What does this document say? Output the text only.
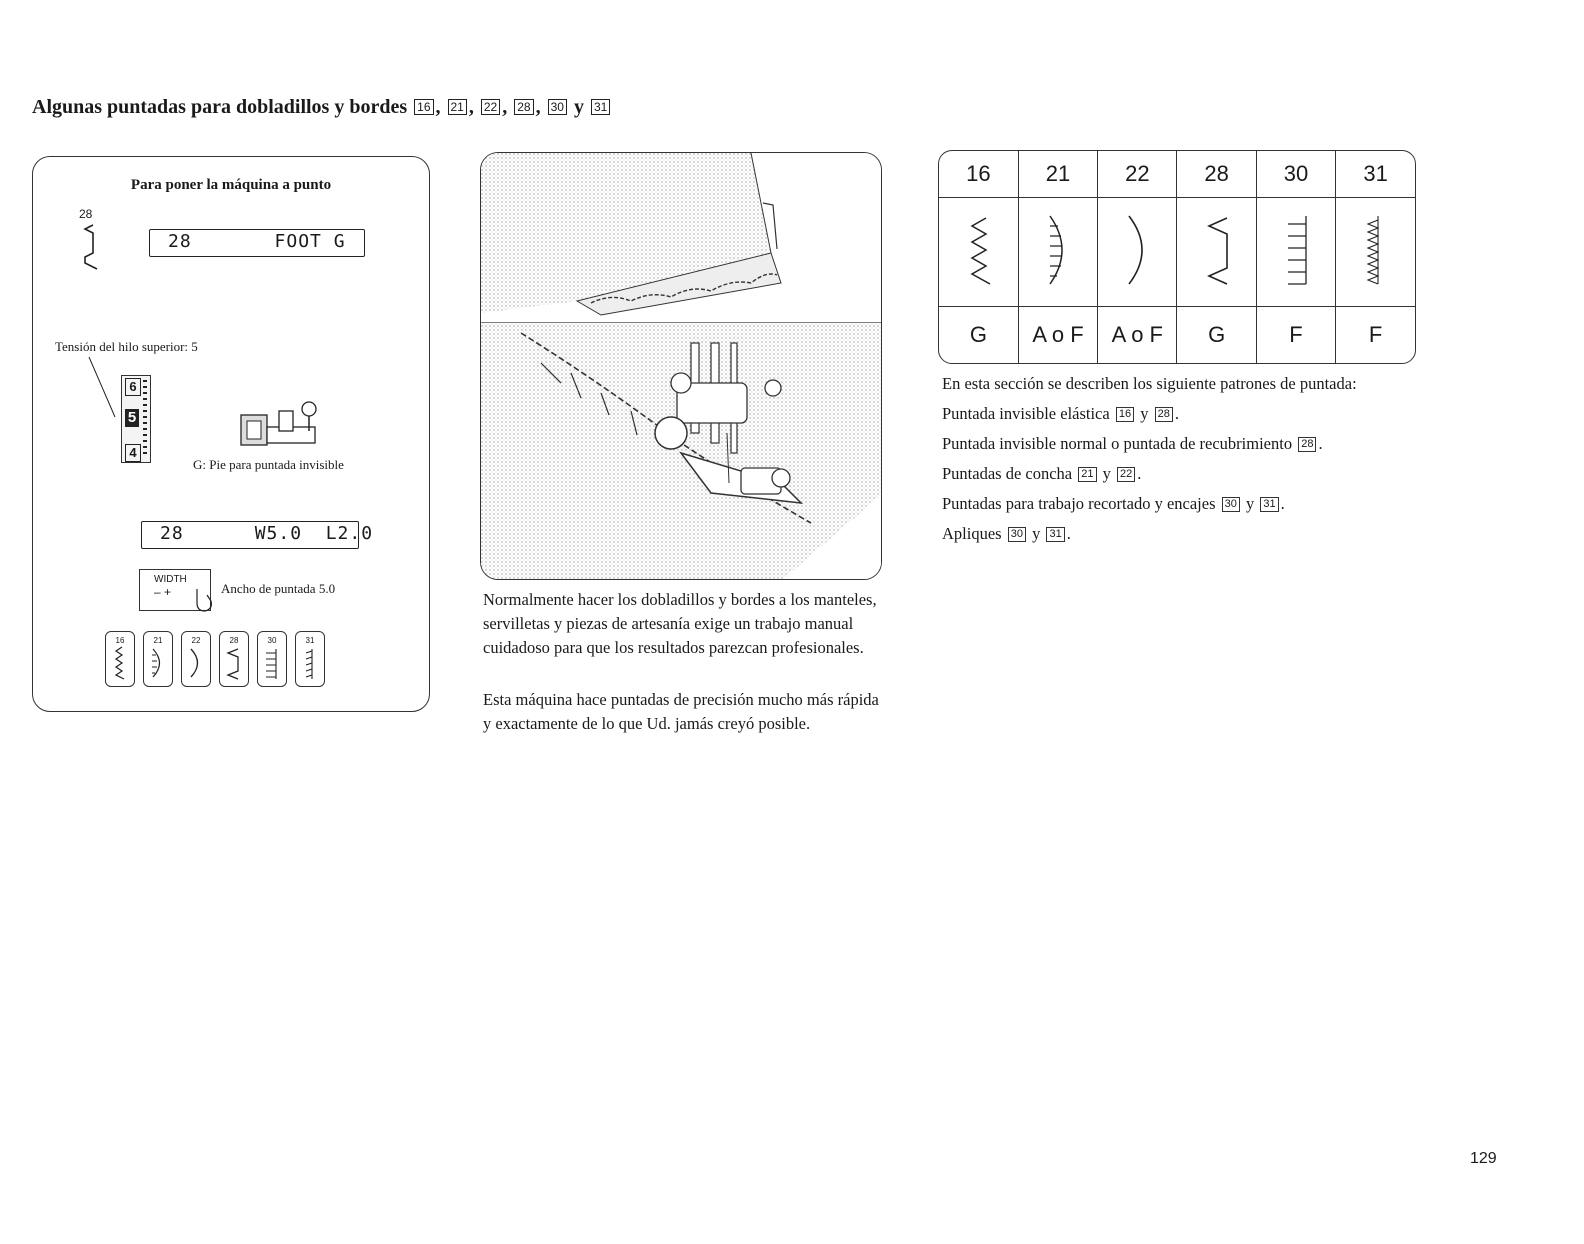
Algunas puntadas para dobladillos y bordes 16 , 21 , 22 , 28 , 30 y 31
Para poner la máquina a punto
28
28       FOOT G
Tensión del hilo superior: 5
6
5
4
G: Pie para puntada invisible
28      W5.0  L2.0
WIDTH
– +	Ancho de puntada 5.0
16	21	22	28	30	31
Normalmente hacer los dobladillos y bordes a los manteles, servilletas y piezas de artesanía exige un trabajo manual cuidadoso para que los resultados parezcan profesionales.
Esta máquina hace puntadas de precisión mucho más rápida y exactamente de lo que Ud. jamás creyó posible.
16	21	22	28	30	31

G	A o F	A o F	G	F	F
En esta sección se describen los siguiente patrones de puntada:
Puntada invisible elástica 16 y 28 .
Puntada invisible normal o puntada de recubrimiento 28 .
Puntadas de concha 21 y 22 .
Puntadas para trabajo recortado y encajes 30 y 31 .
Apliques 30 y 31 .
129
